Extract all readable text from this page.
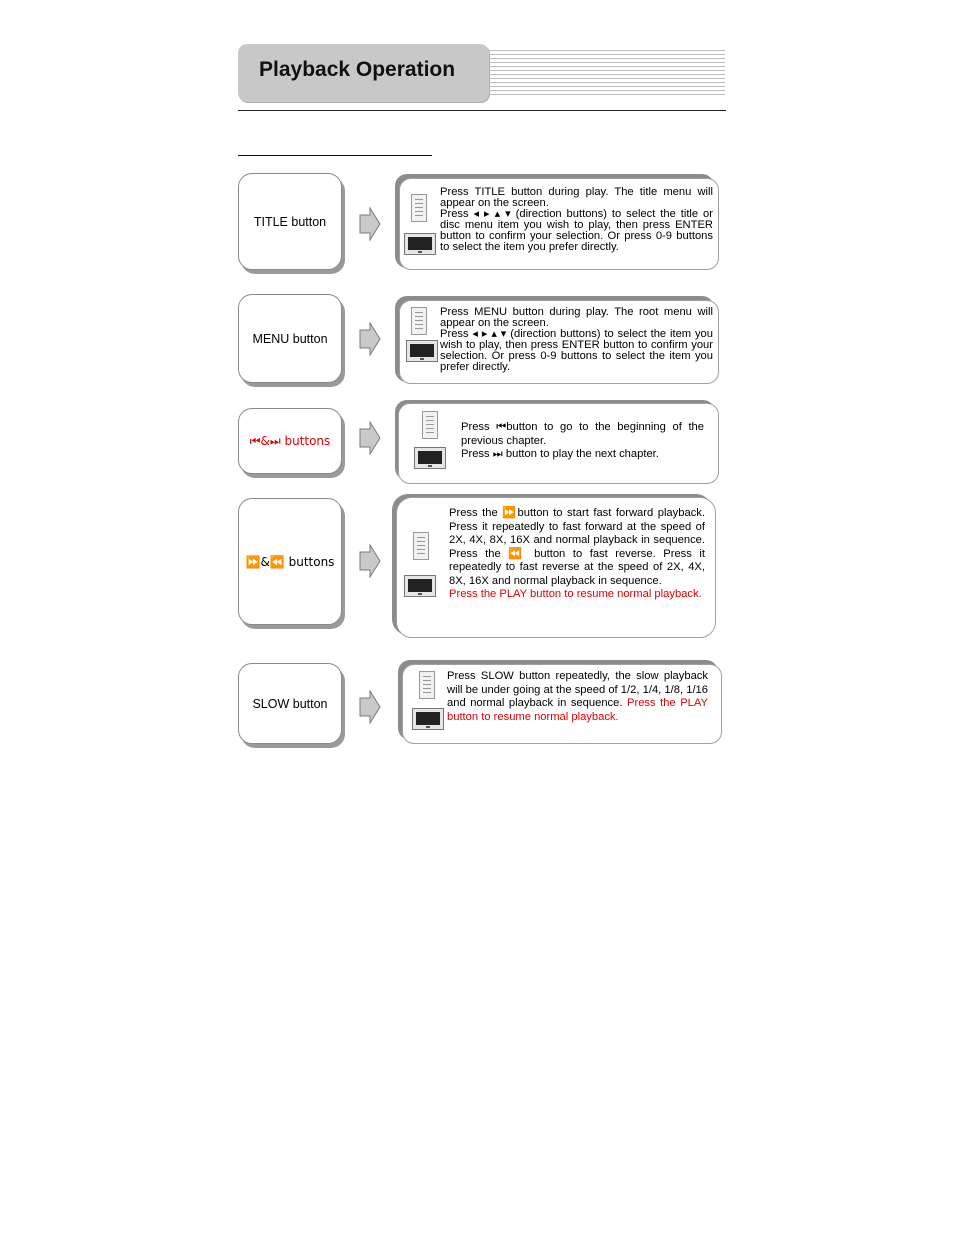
Playback Operation
TITLE button

Press TITLE button during play. The title menu will appear on the screen.

Press ◂ ▸ ▴ ▾ (direction buttons) to select the title or disc menu item you wish to play, then press ENTER button to confirm your selection. Or press 0-9 buttons to select the item you prefer directly.

MENU button

Press MENU button during play. The root menu will appear on the screen.

Press ◂ ▸ ▴ ▾ (direction buttons) to select the item you wish to play, then press ENTER button to confirm your selection. Or press 0-9 buttons to select the item you prefer directly.

⏮&⏭ buttons

Press ⏮button to go to the beginning of the previous chapter.

Press ⏭ button to play the next chapter.

⏩&⏪ buttons

Press the ⏩button to start fast forward playback. Press it repeatedly to fast forward at the speed of 2X, 4X, 8X, 16X and normal playback in sequence. Press the ⏪ button to fast reverse. Press it repeatedly to fast reverse at the speed of 2X, 4X, 8X, 16X and normal playback in sequence.

Press the PLAY button to resume normal playback.

SLOW button
Press SLOW button repeatedly, the slow playback will be under going at the speed of 1/2, 1/4, 1/8, 1/16 and normal playback in sequence. Press the PLAY button to resume normal playback.
